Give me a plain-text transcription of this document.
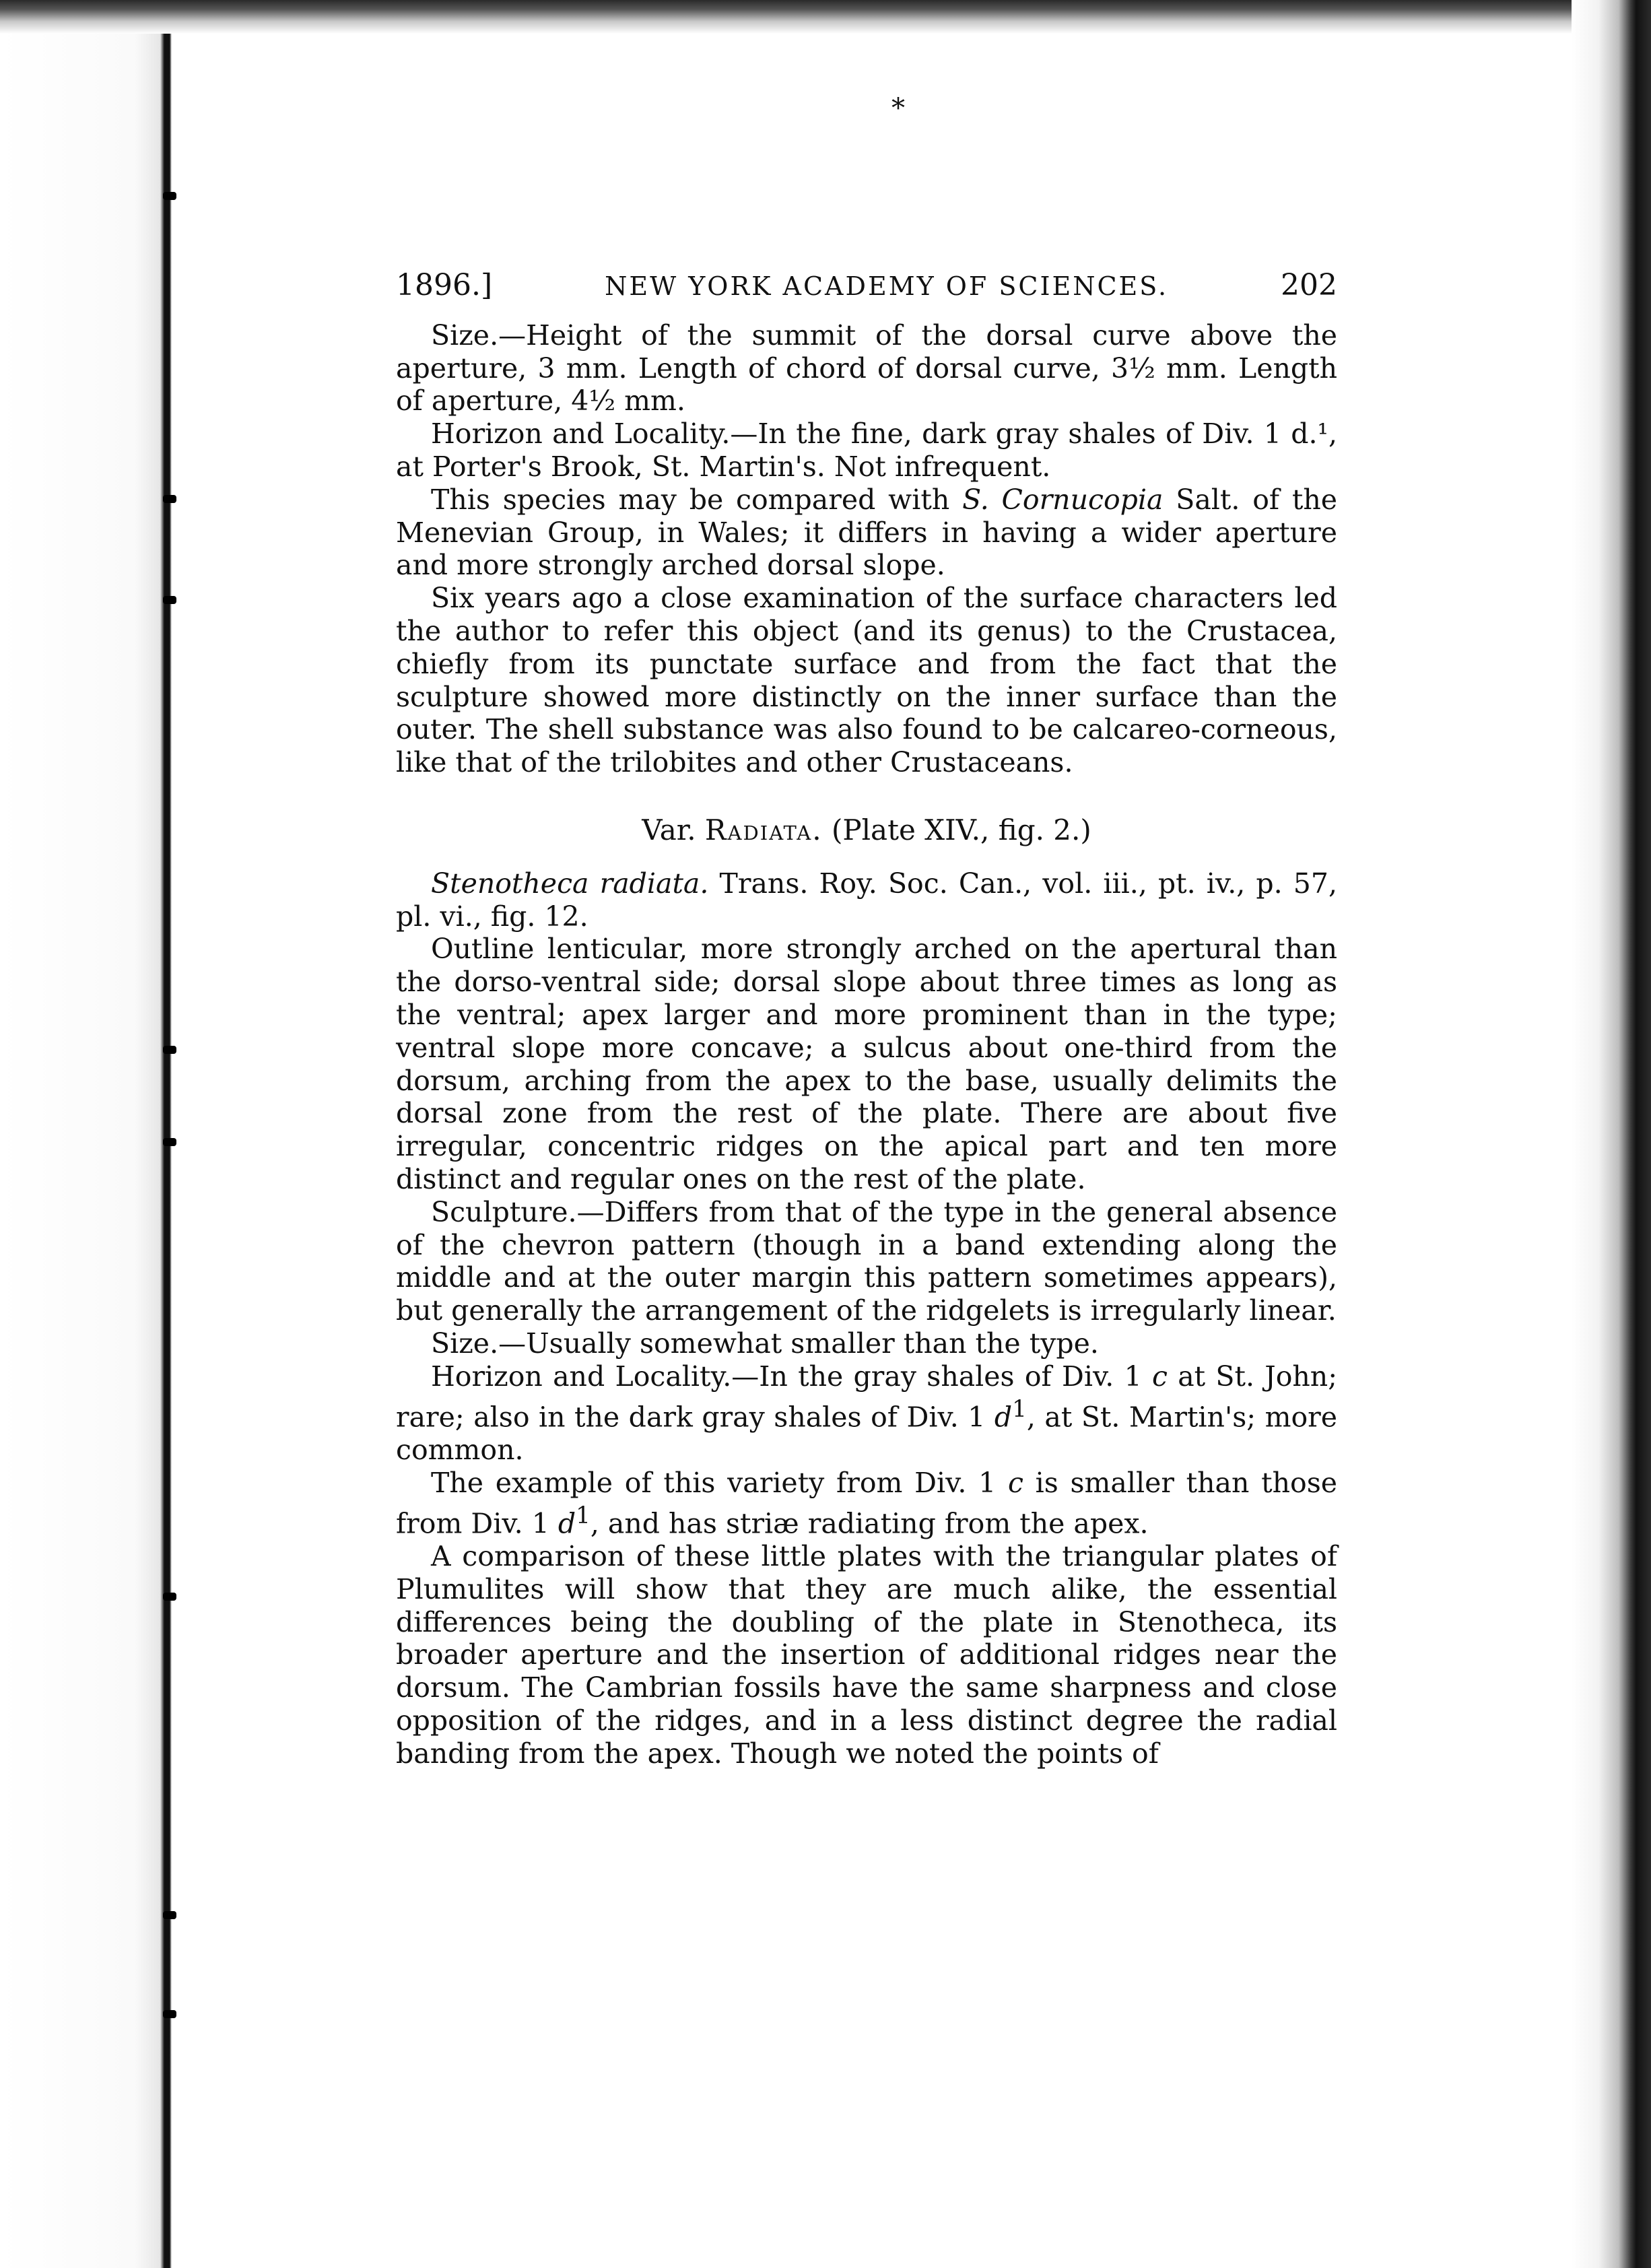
*
1896.]	NEW YORK ACADEMY OF SCIENCES.	202

Size.—Height of the summit of the dorsal curve above the aperture, 3 mm. Length of chord of dorsal curve, 3½ mm. Length of aperture, 4½ mm.

Horizon and Locality.—In the fine, dark gray shales of Div. 1 d.¹, at Porter's Brook, St. Martin's. Not infrequent.

This species may be compared with S. Cornucopia Salt. of the Menevian Group, in Wales; it differs in having a wider aperture and more strongly arched dorsal slope.

Six years ago a close examination of the surface characters led the author to refer this object (and its genus) to the Crustacea, chiefly from its punctate surface and from the fact that the sculpture showed more distinctly on the inner surface than the outer. The shell substance was also found to be calcareo-corneous, like that of the trilobites and other Crustaceans.

Var. Radiata. (Plate XIV., fig. 2.)

Stenotheca radiata. Trans. Roy. Soc. Can., vol. iii., pt. iv., p. 57, pl. vi., fig. 12.

Outline lenticular, more strongly arched on the apertural than the dorso-ventral side; dorsal slope about three times as long as the ventral; apex larger and more prominent than in the type; ventral slope more concave; a sulcus about one-third from the dorsum, arching from the apex to the base, usually delimits the dorsal zone from the rest of the plate. There are about five irregular, concentric ridges on the apical part and ten more distinct and regular ones on the rest of the plate.

Sculpture.—Differs from that of the type in the general absence of the chevron pattern (though in a band extending along the middle and at the outer margin this pattern sometimes appears), but generally the arrangement of the ridgelets is irregularly linear.

Size.—Usually somewhat smaller than the type.

Horizon and Locality.—In the gray shales of Div. 1 c at St. John; rare; also in the dark gray shales of Div. 1 $d^1$, at St. Martin's; more common.

The example of this variety from Div. 1 c is smaller than those from Div. 1 $d^1$, and has striæ radiating from the apex.

A comparison of these little plates with the triangular plates of Plumulites will show that they are much alike, the essential differences being the doubling of the plate in Stenotheca, its broader aperture and the insertion of additional ridges near the dorsum. The Cambrian fossils have the same sharpness and close opposition of the ridges, and in a less distinct degree the radial banding from the apex. Though we noted the points of
